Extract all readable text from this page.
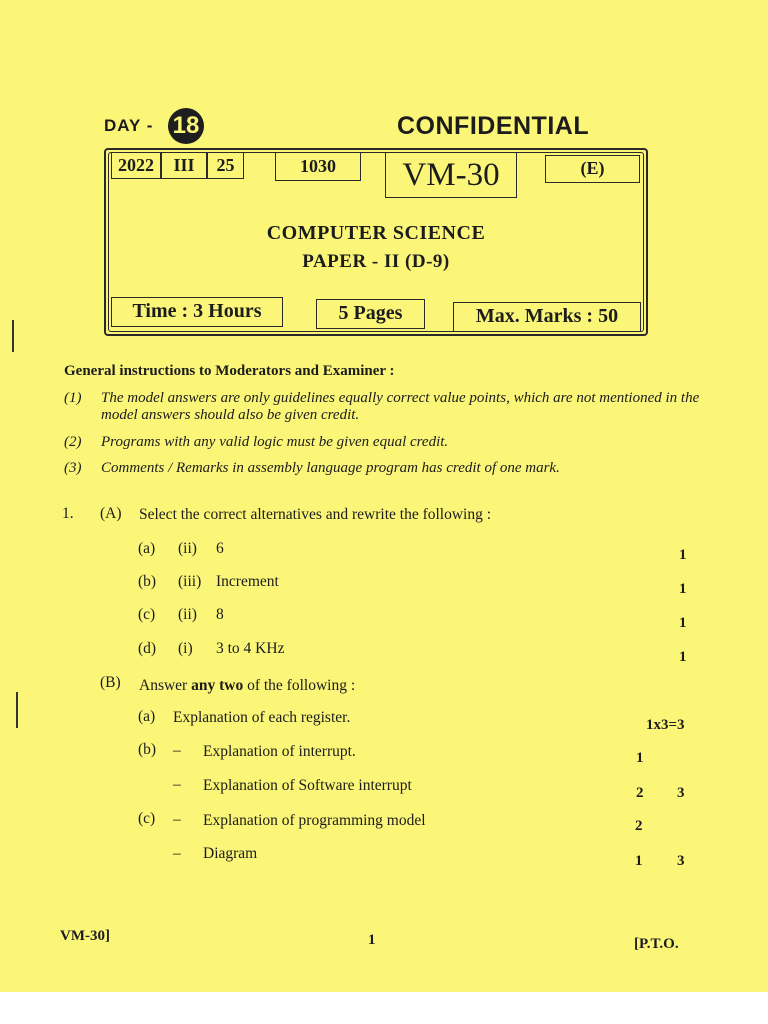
DAY - 18	CONFIDENTIAL
2022	III	25	1030	VM-30	(E)
COMPUTER SCIENCE
PAPER - II (D-9)
Time : 3 Hours	5 Pages	Max. Marks : 50
General instructions to Moderators and Examiner :
(1) The model answers are only guidelines equally correct value points, which are not mentioned in the model answers should also be given credit.
(2) Programs with any valid logic must be given equal credit.
(3) Comments / Remarks in assembly language program has credit of one mark.
1. (A) Select the correct alternatives and rewrite the following :
(a) (ii) 6	1
(b) (iii) Increment	1
(c) (ii) 8	1
(d) (i) 3 to 4 KHz	1
(B) Answer any two of the following :
(a) Explanation of each register.	1x3=3
(b) – Explanation of interrupt.	1
– Explanation of Software interrupt	2 3
(c) – Explanation of programming model	2
– Diagram	1 3
VM-30]	1	[P.T.O.
